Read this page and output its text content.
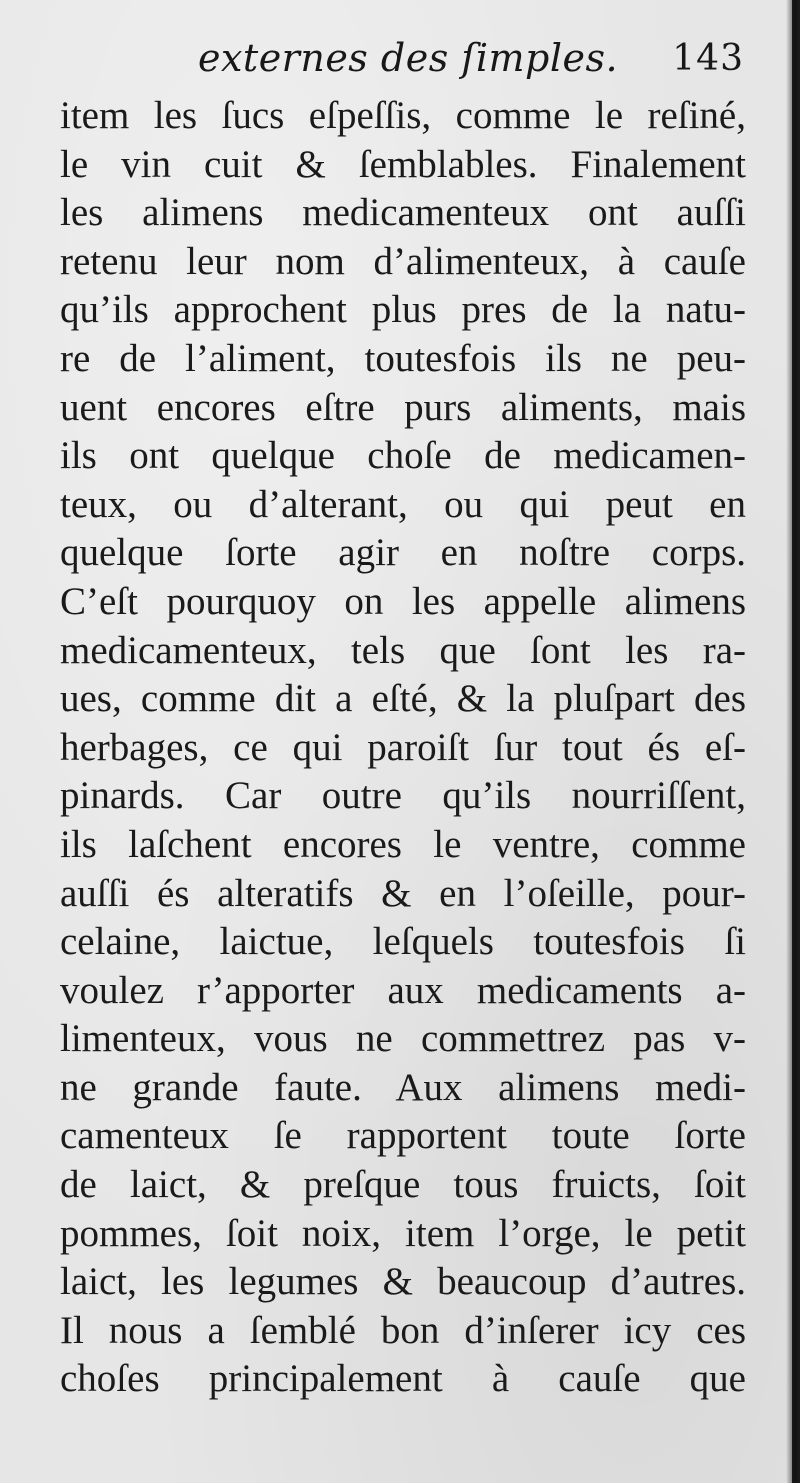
externes des ſimples. 143
item les ſucs eſpeſſis, comme le reſiné,
le vin cuit & ſemblables. Finalement
les alimens medicamenteux ont auſſi
retenu leur nom d’alimenteux, à cauſe
qu’ils approchent plus pres de la natu-
re de l’aliment, toutesfois ils ne peu-
uent encores eſtre purs aliments, mais
ils ont quelque choſe de medicamen-
teux, ou d’alterant, ou qui peut en
quelque ſorte agir en noſtre corps.
C’eſt pourquoy on les appelle alimens
medicamenteux, tels que ſont les ra-
ues, comme dit a eſté, & la pluſpart des
herbages, ce qui paroiſt ſur tout és eſ-
pinards. Car outre qu’ils nourriſſent,
ils laſchent encores le ventre, comme
auſſi és alteratifs & en l’oſeille, pour-
celaine, laictue, leſquels toutesfois ſi
voulez r’apporter aux medicaments a-
limenteux, vous ne commettrez pas v-
ne grande faute. Aux alimens medi-
camenteux ſe rapportent toute ſorte
de laict, & preſque tous fruicts, ſoit
pommes, ſoit noix, item l’orge, le petit
laict, les legumes & beaucoup d’autres.
Il nous a ſemblé bon d’inſerer icy ces
choſes principalement à cauſe que
